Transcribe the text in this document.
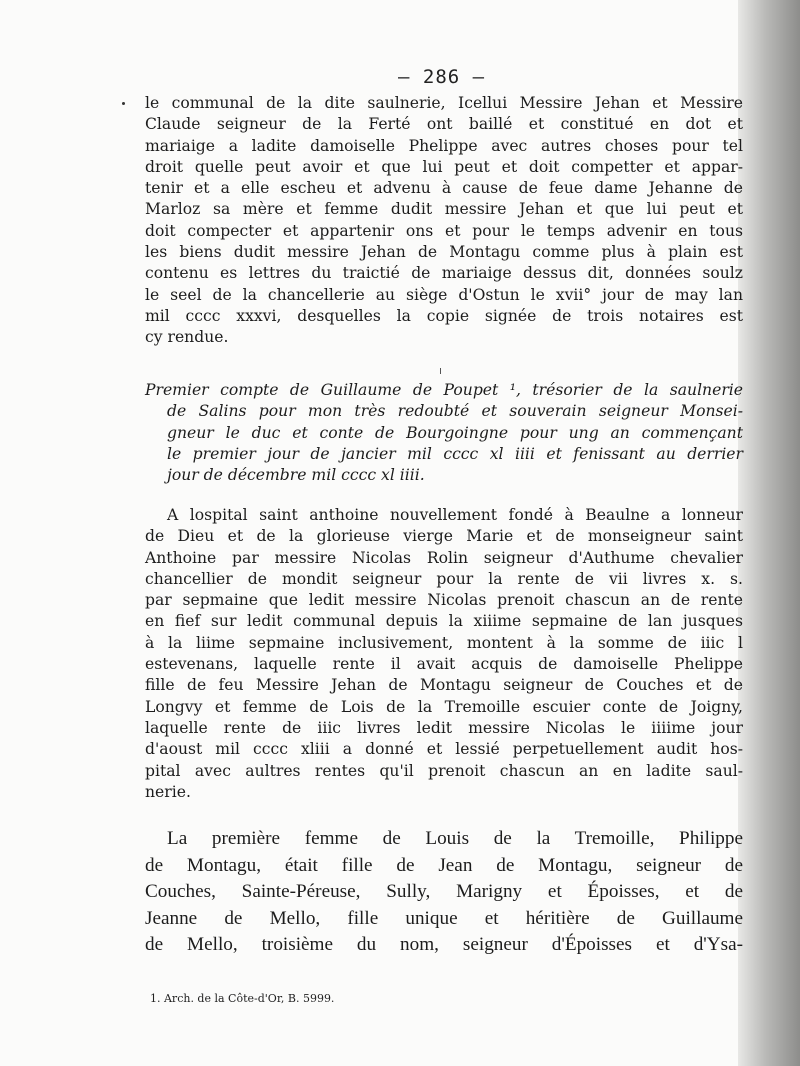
— 286 —
le communal de la dite saulnerie, Icellui Messire Jehan et Messire
Claude seigneur de la Ferté ont baillé et constitué en dot et
mariaige a ladite damoiselle Phelippe avec autres choses pour tel
droit quelle peut avoir et que lui peut et doit competter et appar-
tenir et a elle escheu et advenu à cause de feue dame Jehanne de
Marloz sa mère et femme dudit messire Jehan et que lui peut et
doit compecter et appartenir ons et pour le temps advenir en tous
les biens dudit messire Jehan de Montagu comme plus à plain est
contenu es lettres du traictié de mariaige dessus dit, données soulz
le seel de la chancellerie au siège d'Ostun le xvii° jour de may lan
mil cccc xxxvi, desquelles la copie signée de trois notaires est
cy rendue.
Premier compte de Guillaume de Poupet ¹, trésorier de la saulnerie
de Salins pour mon très redoubté et souverain seigneur Monsei-
gneur le duc et conte de Bourgoingne pour ung an commençant
le premier jour de jancier mil cccc xl iiii et fenissant au derrier
jour de décembre mil cccc xl iiii.
A lospital saint anthoine nouvellement fondé à Beaulne a lonneur
de Dieu et de la glorieuse vierge Marie et de monseigneur saint
Anthoine par messire Nicolas Rolin seigneur d'Authume chevalier
chancellier de mondit seigneur pour la rente de vii livres x. s.
par sepmaine que ledit messire Nicolas prenoit chascun an de rente
en fief sur ledit communal depuis la xiiime sepmaine de lan jusques
à la liime sepmaine inclusivement, montent à la somme de iiic l
estevenans, laquelle rente il avait acquis de damoiselle Phelippe
fille de feu Messire Jehan de Montagu seigneur de Couches et de
Longvy et femme de Lois de la Tremoille escuier conte de Joigny,
laquelle rente de iiic livres ledit messire Nicolas le iiiime jour
d'aoust mil cccc xliii a donné et lessié perpetuellement audit hos-
pital avec aultres rentes qu'il prenoit chascun an en ladite saul-
nerie.
La première femme de Louis de la Tremoille, Philippe
de Montagu, était fille de Jean de Montagu, seigneur de
Couches, Sainte-Péreuse, Sully, Marigny et Époisses, et de
Jeanne de Mello, fille unique et héritière de Guillaume
de Mello, troisième du nom, seigneur d'Époisses et d'Ysa-
1. Arch. de la Côte-d'Or, B. 5999.
